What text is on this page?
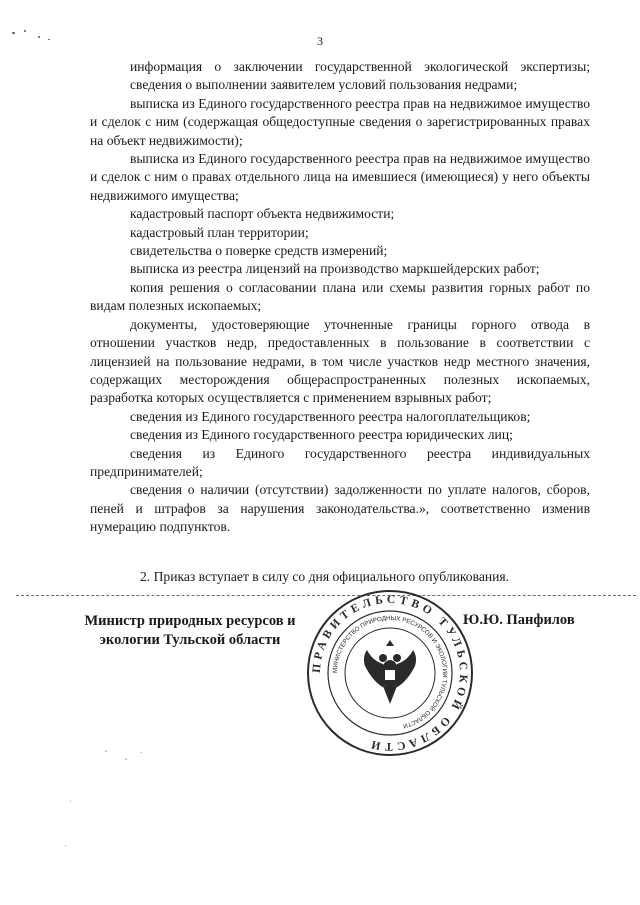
3

информация о заключении государственной экологической экспертизы;

сведения о выполнении заявителем условий пользования недрами;

выписка из Единого государственного реестра прав на недвижимое имущество и сделок с ним (содержащая общедоступные сведения о зарегистрированных правах на объект недвижимости);

выписка из Единого государственного реестра прав на недвижимое имущество и сделок с ним о правах отдельного лица на имевшиеся (имеющиеся) у него объекты недвижимого имущества;

кадастровый паспорт объекта недвижимости;

кадастровый план территории;

свидетельства о поверке средств измерений;

выписка из реестра лицензий на производство маркшейдерских работ;

копия решения о согласовании плана или схемы развития горных работ по видам полезных ископаемых;

документы, удостоверяющие уточненные границы горного отвода в отношении участков недр, предоставленных в пользование в соответствии с лицензией на пользование недрами, в том числе участков недр местного значения, содержащих месторождения общераспространенных полезных ископаемых, разработка которых осуществляется с применением взрывных работ;

сведения из Единого государственного реестра налогоплательщиков;

сведения из Единого государственного реестра юридических лиц;

сведения из Единого государственного реестра индивидуальных предпринимателей;

сведения о наличии (отсутствии) задолженности по уплате налогов, сборов, пеней и штрафов за нарушения законодательства.», соответственно изменив нумерацию подпунктов.

2. Приказ вступает в силу со дня официального опубликования.
Министр природных ресурсов и экологии Тульской области
Ю.Ю. Панфилов
ПРАВИТЕЛЬСТВО ТУЛЬСКОЙ ОБЛАСТИ
МИНИСТЕРСТВО ПРИРОДНЫХ РЕСУРСОВ И ЭКОЛОГИИ ТУЛЬСКОЙ ОБЛАСТИ
